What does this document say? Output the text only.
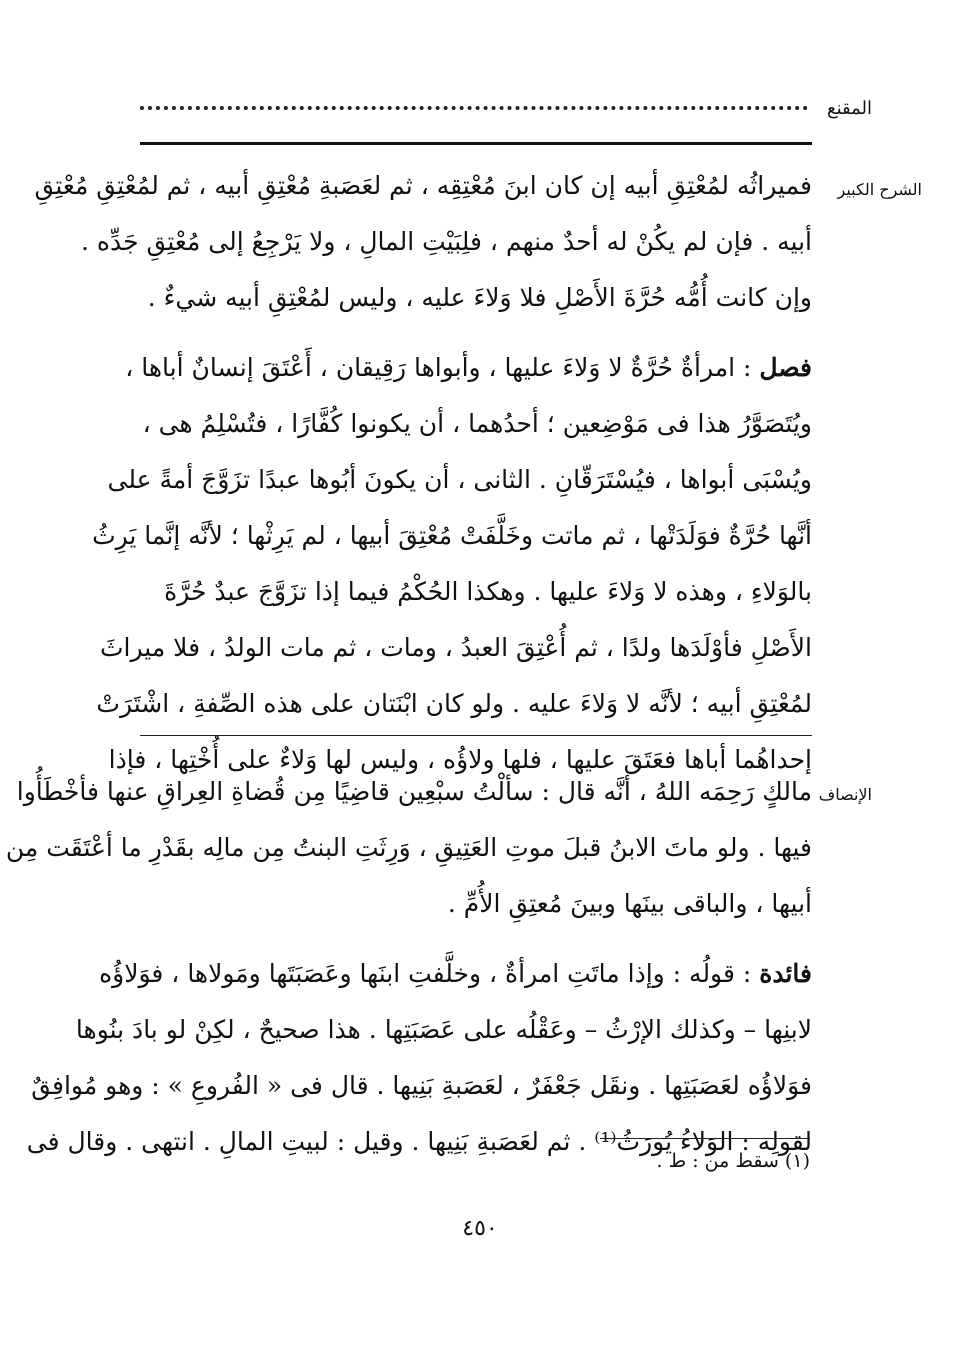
المقنع
الشرح الكبير
فميراثُه لمُعْتِقِ أبيه إن كان ابنَ مُعْتِقِه ، ثم لعَصَبةِ مُعْتِقِ أبيه ، ثم لمُعْتِقِ مُعْتِقِ
أبيه . فإن لم يكُنْ له أحدٌ منهم ، فلِبَيْتِ المالِ ، ولا يَرْجِعُ إلى مُعْتِقِ جَدِّه .
وإن كانت أُمُّه حُرَّةَ الأَصْلِ فلا وَلاءَ عليه ، وليس لمُعْتِقِ أبيه شيءٌ .
فصل : امرأةٌ حُرَّةٌ لا وَلاءَ عليها ، وأبواها رَقِيقان ، أَعْتَقَ إنسانٌ أباها ،
ويُتَصَوَّرُ هذا فى مَوْضِعين ؛ أحدُهما ، أن يكونوا كُفَّارًا ، فتُسْلِمُ هى ،
ويُسْبَى أبواها ، فيُسْتَرَقّانِ . الثانى ، أن يكونَ أبُوها عبدًا تزَوَّجَ أمةً على
أنَّها حُرَّةٌ فوَلَدَتْها ، ثم ماتت وخَلَّفَتْ مُعْتِقَ أبيها ، لم يَرِثْها ؛ لأنَّه إنَّما يَرِثُ
بالوَلاءِ ، وهذه لا وَلاءَ عليها . وهكذا الحُكْمُ فيما إذا تزَوَّجَ عبدٌ حُرَّةَ
الأَصْلِ فأوْلَدَها ولدًا ، ثم أُعْتِقَ العبدُ ، ومات ، ثم مات الولدُ ، فلا ميراثَ
لمُعْتِقِ أبيه ؛ لأنَّه لا وَلاءَ عليه . ولو كان ابْنَتان على هذه الصِّفةِ ، اشْتَرَتْ
إحداهُما أباها فعَتَقَ عليها ، فلها ولاؤُه ، وليس لها وَلاءٌ على أُخْتِها ، فإذا
الإنصاف
مالكٍ رَحِمَه اللهُ ، أنَّه قال : سألْتُ سبْعِين قاضِيًا مِن قُضاةِ العِراقِ عنها فأخْطَأُوا
فيها . ولو ماتَ الابنُ قبلَ موتِ العَتِيقِ ، وَرِثَتِ البنتُ مِن مالِه بقَدْرِ ما أعْتَقَت مِن
أبيها ، والباقى بينَها وبينَ مُعتِقِ الأُمِّ .
فائدة : قولُه : وإذا ماتَتِ امرأةٌ ، وخلَّفتِ ابنَها وعَصَبَتَها ومَولاها ، فوَلاؤُه
لابنِها – وكذلك الإرْثُ – وعَقْلُه على عَصَبَتِها . هذا صحيحٌ ، لكِنْ لو بادَ بنُوها
فوَلاؤُه لعَصَبَتِها . ونقَل جَعْفَرٌ ، لعَصَبةِ بَنِيها . قال فى « الفُروعِ » : وهو مُوافِقٌ
لقولِه : الوَلاءُ يُورَثُ⁽¹⁾ . ثم لعَصَبةِ بَنِيها . وقيل : لبيتِ المالِ . انتهى . وقال فى
(١) سقط من : ط .
٤٥٠
